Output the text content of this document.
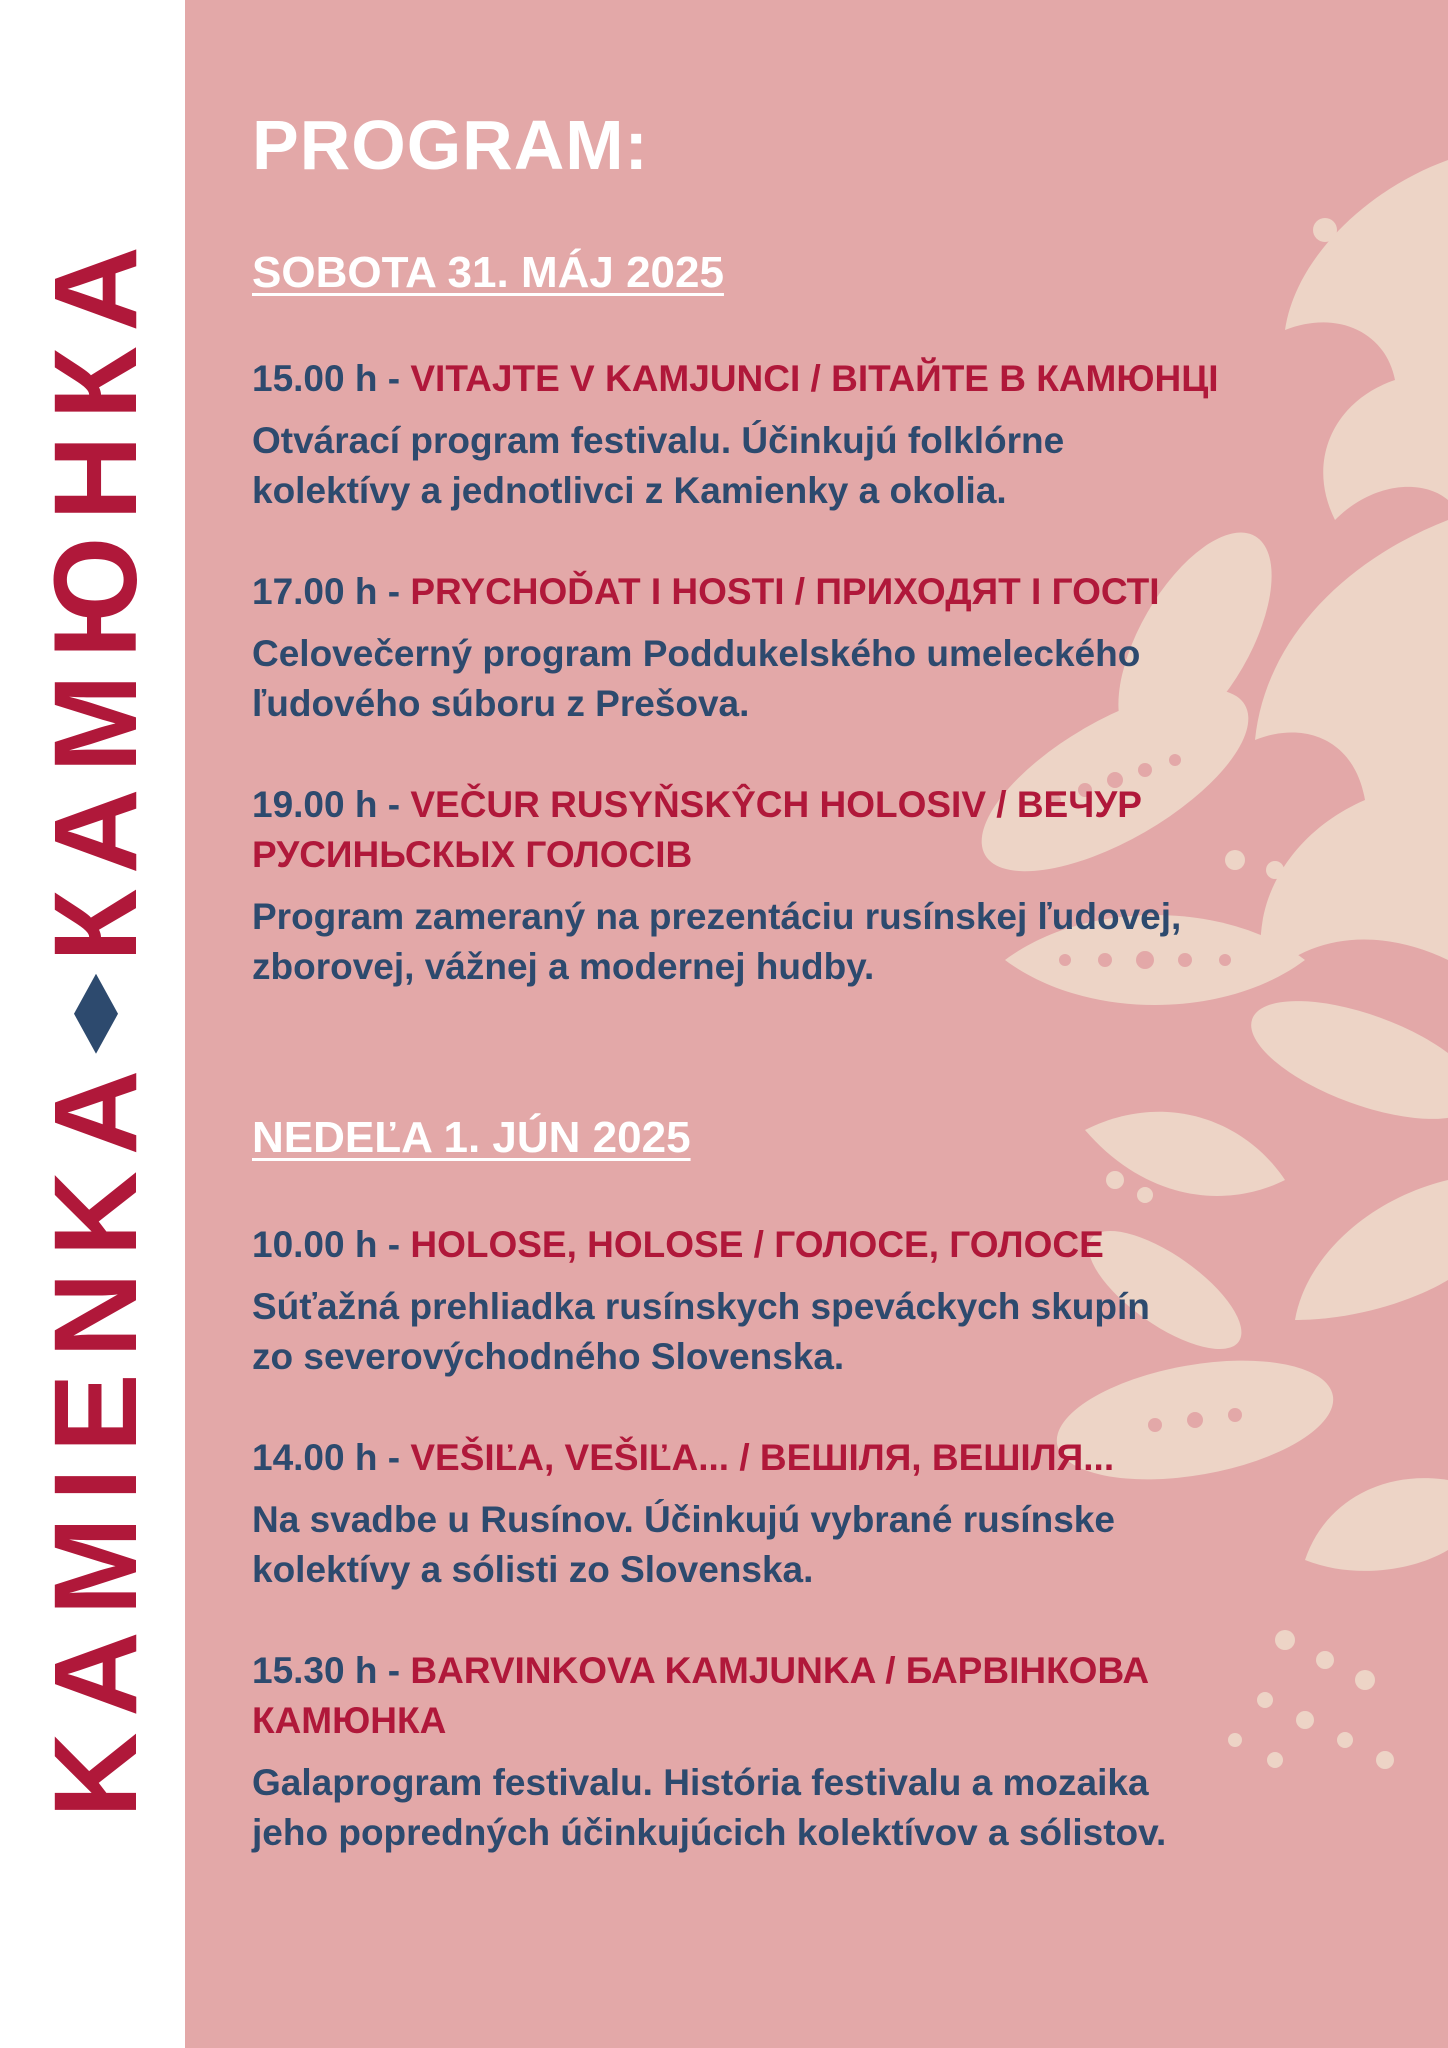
KAMIENKA
КАМЮНКА
PROGRAM:
SOBOTA 31. MÁJ 2025

15.00 h - VITAJTE V KAMJUNCI / ВІТАЙТЕ В КАМЮНЦІ

Otvárací program festivalu. Účinkujú folklórne
kolektívy a jednotlivci z Kamienky a okolia.

17.00 h - PRYCHOĎAT I HOSTI / ПРИХОДЯТ І ГОСТІ

Celovečerný program Poddukelského umeleckého
ľudového súboru z Prešova.

19.00 h - VEČUR RUSYŇSKŶCH HOLOSIV / ВЕЧУР
РУСИНЬСКЫХ ГОЛОСІВ

Program zameraný na prezentáciu rusínskej ľudovej,
zborovej, vážnej a modernej hudby.

NEDEĽA 1. JÚN 2025

10.00 h - HOLOSE, HOLOSE / ГОЛОСЕ, ГОЛОСЕ

Súťažná prehliadka rusínskych speváckych skupín
zo severovýchodného Slovenska.

14.00 h - VEŠIĽA, VEŠIĽA... / ВЕШІЛЯ, ВЕШІЛЯ...

Na svadbe u Rusínov. Účinkujú vybrané rusínske
kolektívy a sólisti zo Slovenska.

15.30 h - BARVINKOVA KAMJUNKA / БАРВІНКОВА
КАМЮНКА

Galaprogram festivalu. História festivalu a mozaika
jeho popredných účinkujúcich kolektívov a sólistov.
